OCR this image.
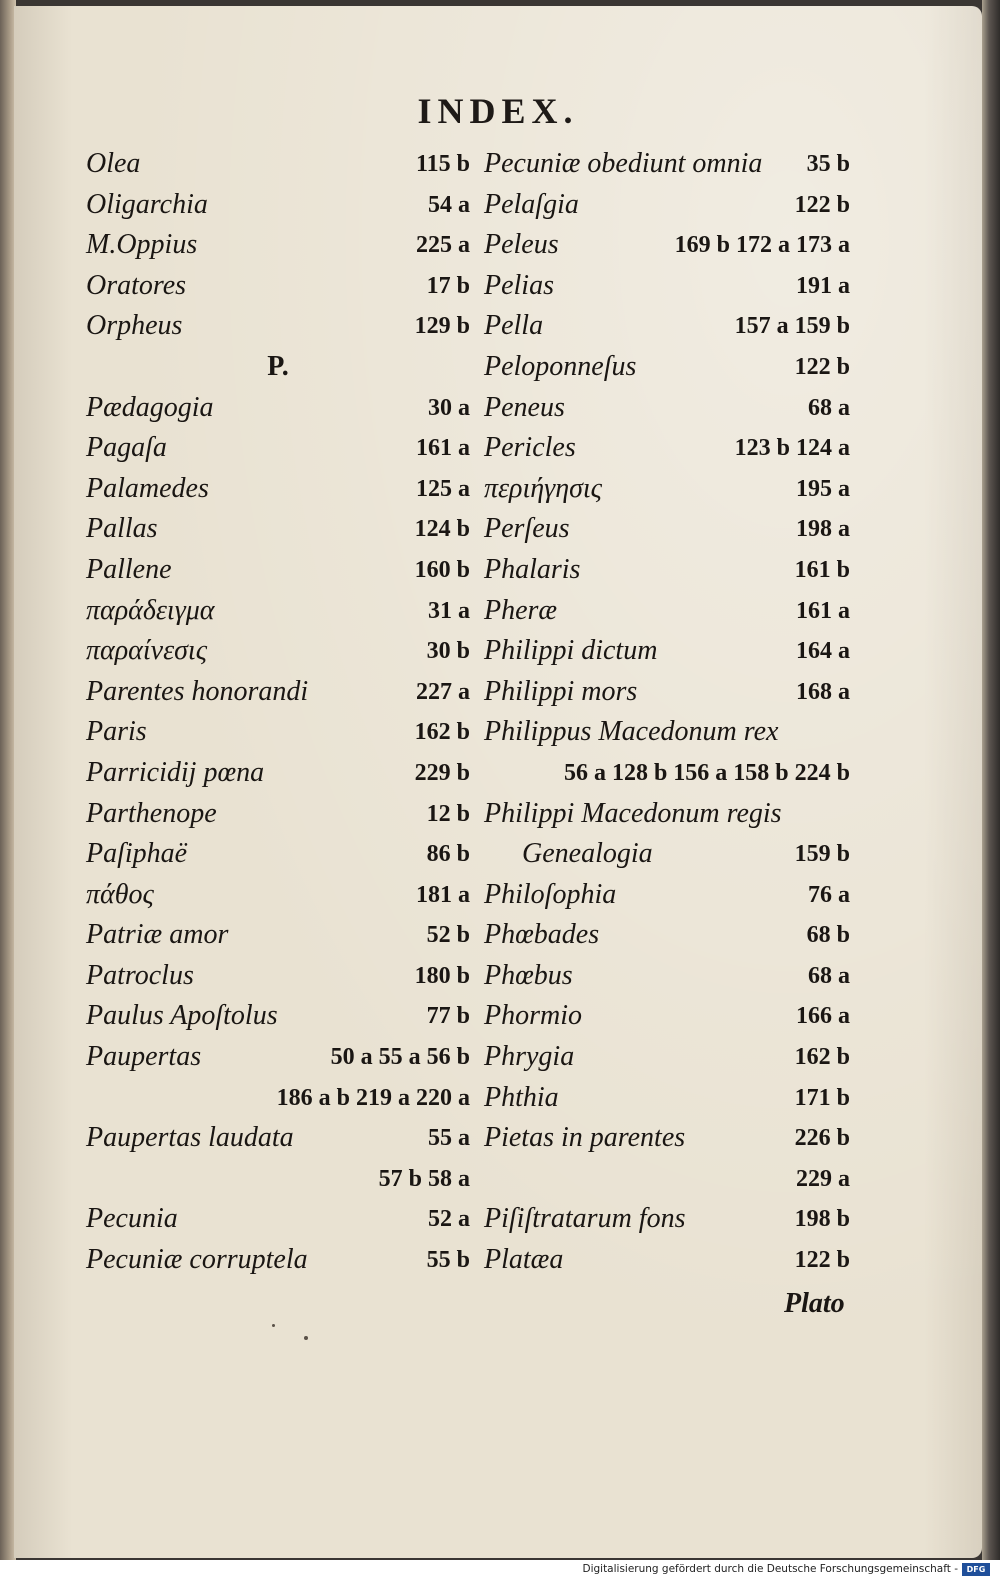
INDEX.
Olea	115 b
Oligarchia	54 a
M.Oppius	225 a
Oratores	17 b
Orpheus	129 b
P.
Pædagogia	30 a
Pagaſa	161 a
Palamedes	125 a
Pallas	124 b
Pallene	160 b
παράδειγμα	31 a
παραίνεσις	30 b
Parentes honorandi	227 a
Paris	162 b
Parricidij pœna	229 b
Parthenope	12 b
Paſiphaë	86 b
πάθος	181 a
Patriæ amor	52 b
Patroclus	180 b
Paulus Apoſtolus	77 b
Paupertas	50 a 55 a 56 b
186 a b 219 a 220 a
Paupertas laudata	55 a
57 b 58 a
Pecunia	52 a
Pecuniæ corruptela	55 b
Pecuniæ obediunt omnia 35 b
Pelaſgia	122 b
Peleus	169 b 172 a 173 a
Pelias	191 a
Pella	157 a 159 b
Peloponneſus	122 b
Peneus	68 a
Pericles	123 b 124 a
περιήγησις	195 a
Perſeus	198 a
Phalaris	161 b
Pheræ	161 a
Philippi dictum	164 a
Philippi mors	168 a
Philippus Macedonum rex
56 a 128 b 156 a 158 b 224 b
Philippi Macedonum regis
Genealogia	159 b
Philoſophia	76 a
Phœbades	68 b
Phœbus	68 a
Phormio	166 a
Phrygia	162 b
Phthia	171 b
Pietas in parentes	226 b
229 a
Piſiſtratarum fons	198 b
Platæa	122 b
Plato
Digitalisierung gefördert durch die Deutsche Forschungsgemeinschaft -	DFG
